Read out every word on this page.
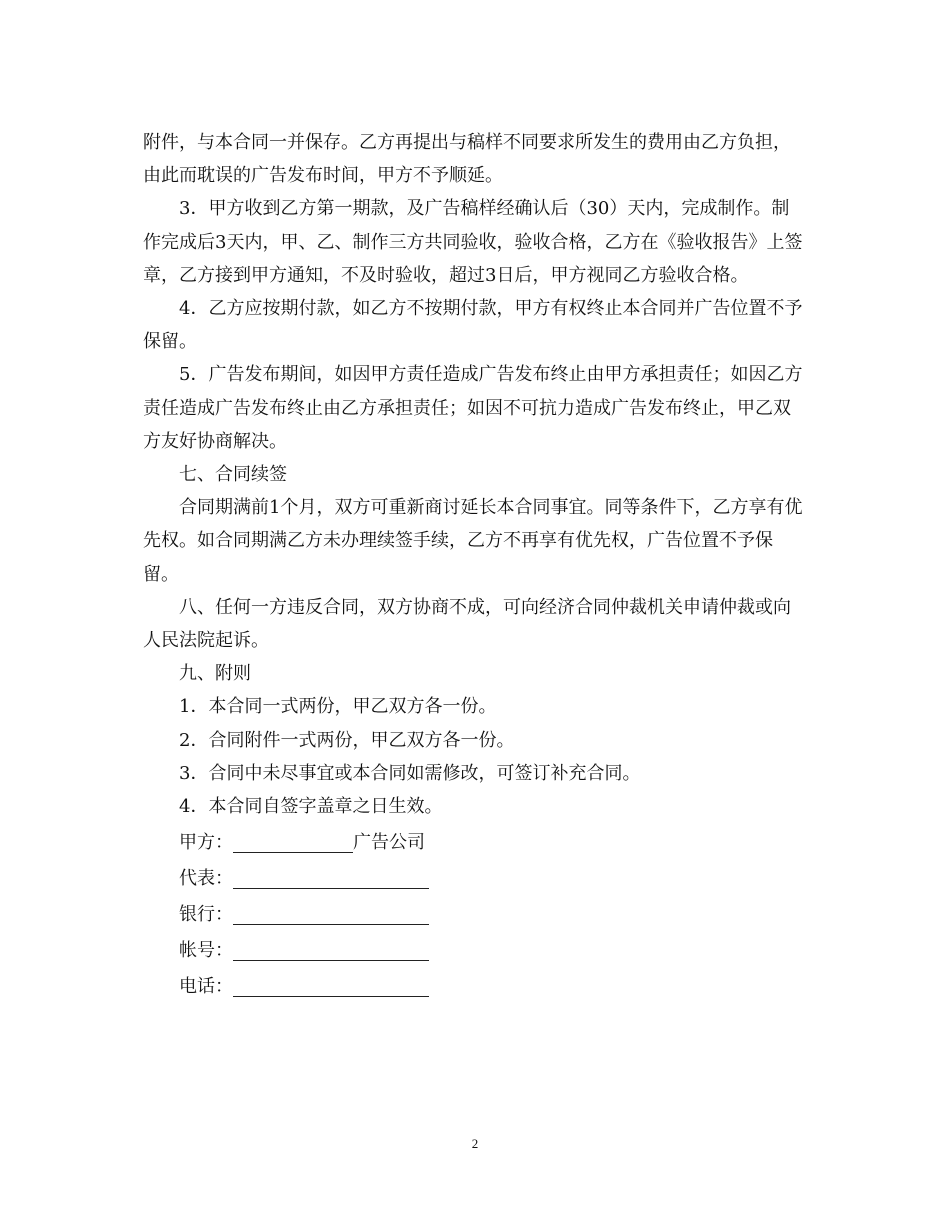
附件，与本合同一并保存。乙方再提出与稿样不同要求所发生的费用由乙方负担，由此而耽误的广告发布时间，甲方不予顺延。

3．甲方收到乙方第一期款，及广告稿样经确认后（30）天内，完成制作。制作完成后3天内，甲、乙、制作三方共同验收，验收合格，乙方在《验收报告》上签章，乙方接到甲方通知，不及时验收，超过3日后，甲方视同乙方验收合格。

4．乙方应按期付款，如乙方不按期付款，甲方有权终止本合同并广告位置不予保留。

5．广告发布期间，如因甲方责任造成广告发布终止由甲方承担责任；如因乙方责任造成广告发布终止由乙方承担责任；如因不可抗力造成广告发布终止，甲乙双方友好协商解决。

七、合同续签

合同期满前1个月，双方可重新商讨延长本合同事宜。同等条件下，乙方享有优先权。如合同期满乙方未办理续签手续，乙方不再享有优先权，广告位置不予保留。

八、任何一方违反合同，双方协商不成，可向经济合同仲裁机关申请仲裁或向人民法院起诉。

九、附则

1．本合同一式两份，甲乙双方各一份。

2．合同附件一式两份，甲乙双方各一份。

3．合同中未尽事宜或本合同如需修改，可签订补充合同。

4．本合同自签字盖章之日生效。

甲方：	广告公司
代表：
银行：
帐号：
电话：
2
